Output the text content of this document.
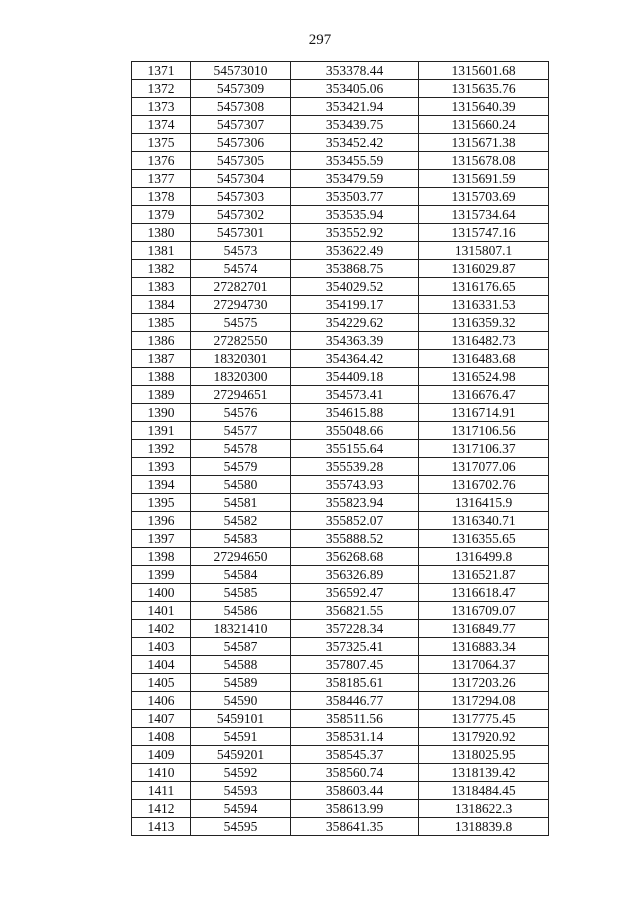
297
1371	54573010	353378.44	1315601.68
1372	5457309	353405.06	1315635.76
1373	5457308	353421.94	1315640.39
1374	5457307	353439.75	1315660.24
1375	5457306	353452.42	1315671.38
1376	5457305	353455.59	1315678.08
1377	5457304	353479.59	1315691.59
1378	5457303	353503.77	1315703.69
1379	5457302	353535.94	1315734.64
1380	5457301	353552.92	1315747.16
1381	54573	353622.49	1315807.1
1382	54574	353868.75	1316029.87
1383	27282701	354029.52	1316176.65
1384	27294730	354199.17	1316331.53
1385	54575	354229.62	1316359.32
1386	27282550	354363.39	1316482.73
1387	18320301	354364.42	1316483.68
1388	18320300	354409.18	1316524.98
1389	27294651	354573.41	1316676.47
1390	54576	354615.88	1316714.91
1391	54577	355048.66	1317106.56
1392	54578	355155.64	1317106.37
1393	54579	355539.28	1317077.06
1394	54580	355743.93	1316702.76
1395	54581	355823.94	1316415.9
1396	54582	355852.07	1316340.71
1397	54583	355888.52	1316355.65
1398	27294650	356268.68	1316499.8
1399	54584	356326.89	1316521.87
1400	54585	356592.47	1316618.47
1401	54586	356821.55	1316709.07
1402	18321410	357228.34	1316849.77
1403	54587	357325.41	1316883.34
1404	54588	357807.45	1317064.37
1405	54589	358185.61	1317203.26
1406	54590	358446.77	1317294.08
1407	5459101	358511.56	1317775.45
1408	54591	358531.14	1317920.92
1409	5459201	358545.37	1318025.95
1410	54592	358560.74	1318139.42
1411	54593	358603.44	1318484.45
1412	54594	358613.99	1318622.3
1413	54595	358641.35	1318839.8
